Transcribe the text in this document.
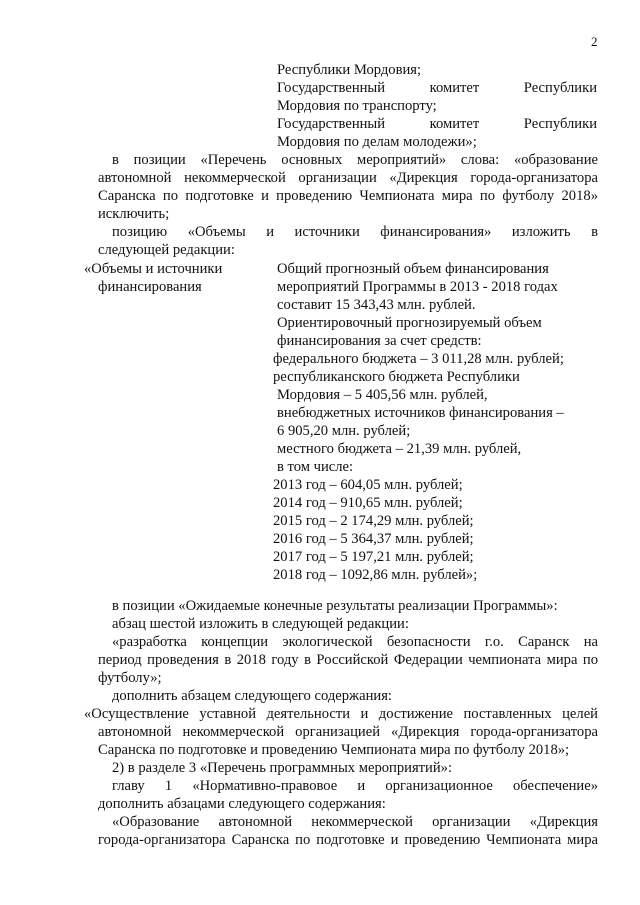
2
Республики Мордовия;
Государственный комитет Республики
Мордовия по транспорту;
Государственный комитет Республики
Мордовия по делам молодежи»;
в позиции «Перечень основных мероприятий» слова: «образование
автономной некоммерческой организации «Дирекция города-организатора
Саранска по подготовке и проведению Чемпионата мира по футболу 2018»
исключить;
позицию «Объемы и источники финансирования» изложить в
следующей редакции:
«Объемы и источники
финансирования
Общий прогнозный объем финансирования
мероприятий Программы в 2013 - 2018 годах
составит 15 343,43 млн. рублей.
Ориентировочный прогнозируемый объем
финансирования за счет средств:
федерального бюджета – 3 011,28 млн. рублей;
республиканского бюджета Республики
Мордовия – 5 405,56 млн. рублей,
внебюджетных источников финансирования –
6 905,20 млн. рублей;
местного бюджета – 21,39 млн. рублей,
в том числе:
2013 год – 604,05 млн. рублей;
2014 год – 910,65 млн. рублей;
2015 год – 2 174,29 млн. рублей;
2016 год – 5 364,37 млн. рублей;
2017 год – 5 197,21 млн. рублей;
2018 год – 1092,86 млн. рублей»;
в позиции «Ожидаемые конечные результаты реализации Программы»:
абзац шестой изложить в следующей редакции:
«разработка концепции экологической безопасности г.о. Саранск на
период проведения в 2018 году в Российской Федерации чемпионата мира по
футболу»;
дополнить абзацем следующего содержания:
«Осуществление уставной деятельности и достижение поставленных целей
автономной некоммерческой организацией «Дирекция города-организатора
Саранска по подготовке и проведению Чемпионата мира по футболу 2018»;
2) в разделе 3 «Перечень программных мероприятий»:
главу 1 «Нормативно-правовое и организационное обеспечение»
дополнить абзацами следующего содержания:
«Образование автономной некоммерческой организации «Дирекция
города-организатора Саранска по подготовке и проведению Чемпионата мира
